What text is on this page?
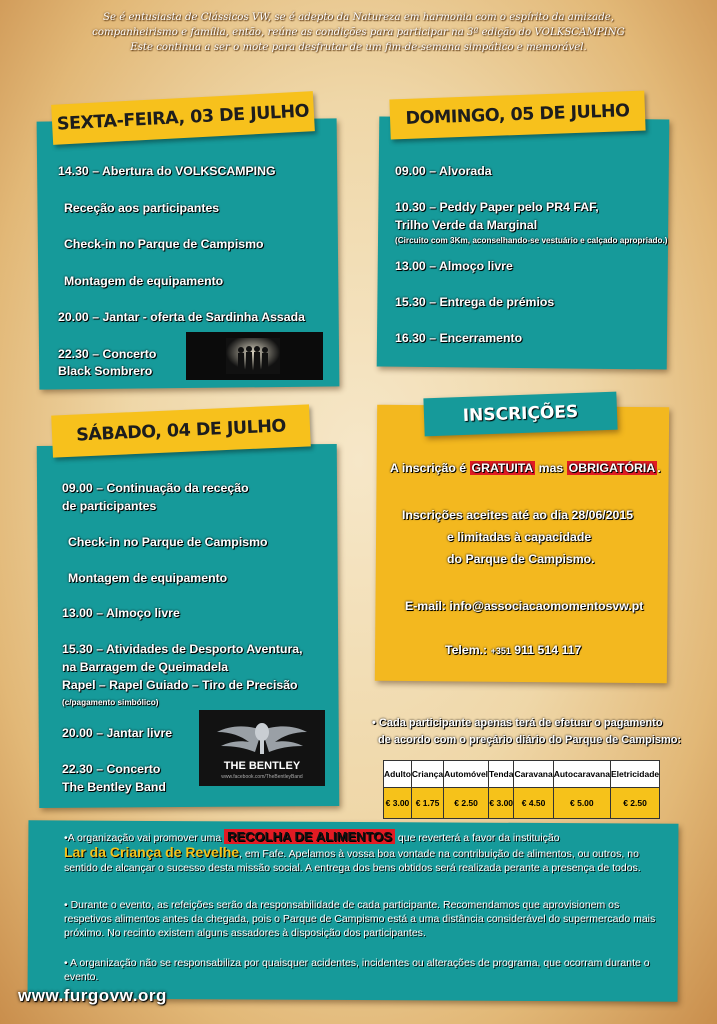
Se é entusiasta de Clássicos VW, se é adepto da Natureza em harmonia com o espírito da amizade,
companheirismo e família, então, reúne as condições para participar na 3ª edição do VOLKSCAMPING
Este continua a ser o mote para desfrutar de um fim-de-semana simpático e memorável.
SEXTA-FEIRA, 03 DE JULHO
14.30 – Abertura do VOLKSCAMPING
Receção aos participantes
Check-in no Parque de Campismo
Montagem de equipamento
20.00 – Jantar - oferta de Sardinha Assada
22.30 – Concerto
Black Sombrero
DOMINGO, 05 DE JULHO
09.00 – Alvorada
10.30 – Peddy Paper pelo PR4 FAF,
Trilho Verde da Marginal
(Circuito com 3Km, aconselhando-se vestuário e calçado apropriado.)
13.00 – Almoço livre
15.30 – Entrega de prémios
16.30 – Encerramento
SÁBADO, 04 DE JULHO
09.00 – Continuação da receção
de participantes
Check-in no Parque de Campismo
Montagem de equipamento
13.00 – Almoço livre
15.30 – Atividades de Desporto Aventura,
na Barragem de Queimadela
Rapel – Rapel Guiado – Tiro de Precisão
(c/pagamento simbólico)
20.00 – Jantar livre
22.30 – Concerto
The Bentley Band
THE BENTLEY
www.facebook.com/TheBentleyBand
INSCRIÇÕES
A inscrição é GRATUITA mas OBRIGATÓRIA .
Inscrições aceites até ao dia 28/06/2015
e limitadas à capacidade
do Parque de Campismo.
E-mail: info@associacaomomentosvw.pt
Telem.: +351 911 514 117
• Cada participante apenas terá de efetuar o pagamento
de acordo com o preçário diário do Parque de Campismo:
Adulto	Criança	Automóvel	Tenda	Caravana	Autocaravana	Eletricidade
€ 3.00	€ 1.75	€ 2.50	€ 3.00	€ 4.50	€ 5.00	€ 2.50
•A organização vai promover uma RECOLHA DE ALIMENTOS que reverterá a favor da instituição
Lar da Criança de Revelhe, em Fafe. Apelamos à vossa boa vontade na contribuição de alimentos, ou outros, no sentido de alcançar o sucesso desta missão social. A entrega dos bens obtidos será realizada perante a presença de todos.
• Durante o evento, as refeições serão da responsabilidade de cada participante. Recomendamos que aprovisionem os respetivos alimentos antes da chegada, pois o Parque de Campismo está a uma distância considerável do supermercado mais próximo. No recinto existem alguns assadores à disposição dos participantes.
• A organização não se responsabiliza por quaisquer acidentes, incidentes ou alterações de programa, que ocorram durante o evento.
www.furgovw.org
